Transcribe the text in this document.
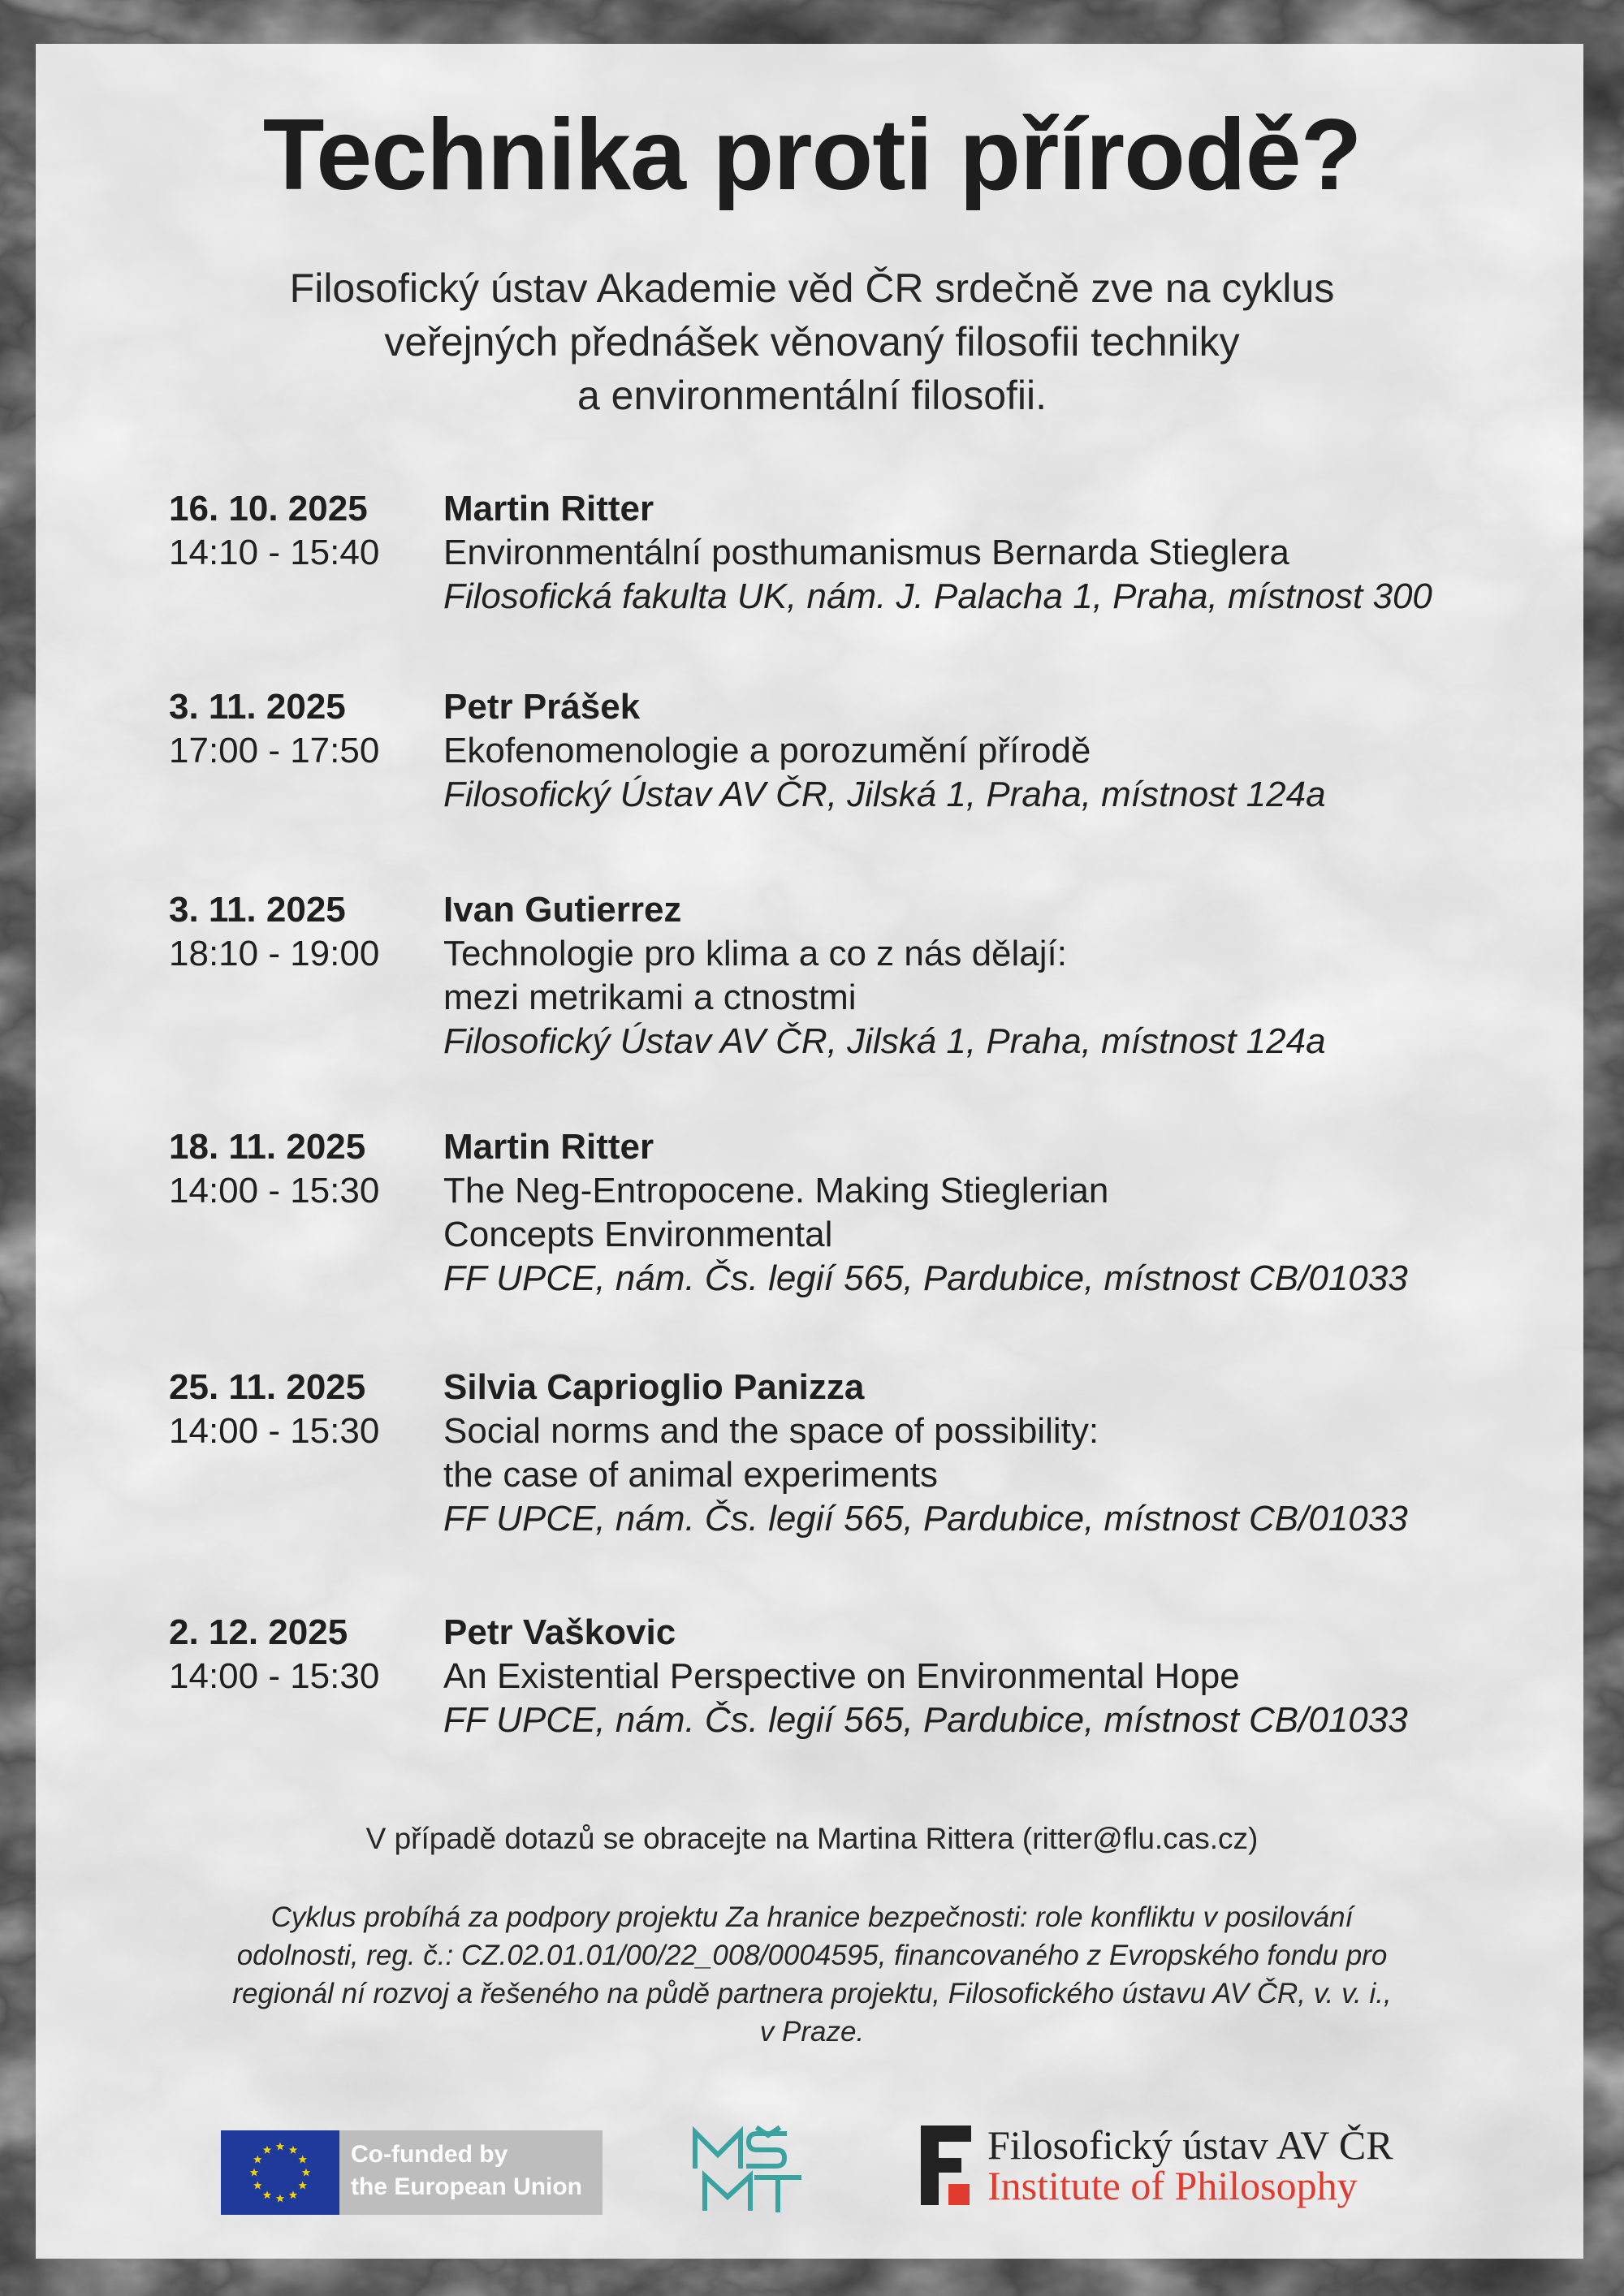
Technika proti přírodě?
Filosofický ústav Akademie věd ČR srdečně zve na cyklus
veřejných přednášek věnovaný filosofii techniky
a environmentální filosofii.
16. 10. 2025
14:10 - 15:40
Martin Ritter
Environmentální posthumanismus Bernarda Stieglera
Filosofická fakulta UK, nám. J. Palacha 1, Praha, místnost 300
3. 11. 2025
17:00 - 17:50
Petr Prášek
Ekofenomenologie a porozumění přírodě
Filosofický Ústav AV ČR, Jilská 1, Praha, místnost 124a
3. 11. 2025
18:10 - 19:00
Ivan Gutierrez
Technologie pro klima a co z nás dělají:
mezi metrikami a ctnostmi
Filosofický Ústav AV ČR, Jilská 1, Praha, místnost 124a
18. 11. 2025
14:00 - 15:30
Martin Ritter
The Neg-Entropocene. Making Stieglerian
Concepts Environmental
FF UPCE, nám. Čs. legií 565, Pardubice, místnost CB/01033
25. 11. 2025
14:00 - 15:30
Silvia Caprioglio Panizza
Social norms and the space of possibility:
the case of animal experiments
FF UPCE, nám. Čs. legií 565, Pardubice, místnost CB/01033
2. 12. 2025
14:00 - 15:30
Petr Vaškovic
An Existential Perspective on Environmental Hope
FF UPCE, nám. Čs. legií 565, Pardubice, místnost CB/01033
V případě dotazů se obracejte na Martina Rittera (ritter@flu.cas.cz)
Cyklus probíhá za podpory projektu Za hranice bezpečnosti: role konfliktu v posilování
odolnosti, reg. č.: CZ.02.01.01/00/22_008/0004595, financovaného z Evropského fondu pro
regionál ní rozvoj a řešeného na půdě partnera projektu, Filosofického ústavu AV ČR, v. v. i.,
v Praze.
Co-funded by
the European Union
Filosofický ústav AV ČR
Institute of Philosophy
